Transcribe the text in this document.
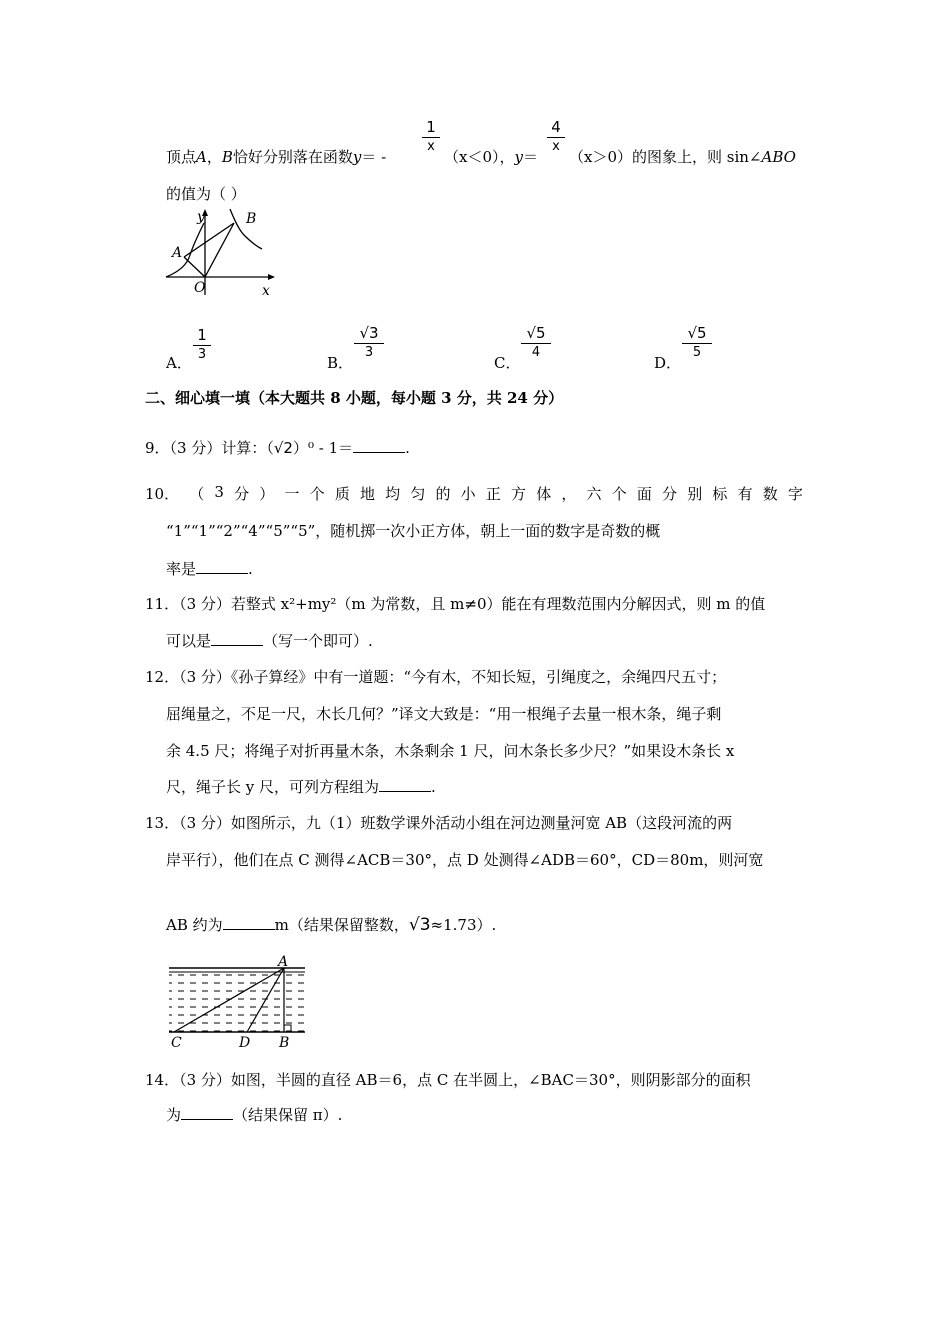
顶点A，B恰好分别落在函数y＝ -
1
x
（x＜0），y＝
4
x
（x＞0）的图象上，则 sin∠ABO
的值为（ ）
y	B
A
O	x
A．
1
3	B．
√3
3
C．
√5
4
D．
√5
5
二、细心填一填（本大题共 8 小题，每小题 3 分，共 24 分）
9．（3 分）计算：（√2）⁰ - 1＝	.
10． （ 3 分 ） 一 个 质 地 均 匀 的 小 正 方 体 ， 六 个 面 分 别 标 有 数 字
“1”“1”“2”“4”“5”“5”，随机掷一次小正方体，朝上一面的数字是奇数的概
率是	.
11．（3 分）若整式 x²+my²（m 为常数，且 m≠0）能在有理数范围内分解因式，则 m 的值
可以是	（写一个即可）.
12．（3 分）《孙子算经》中有一道题：“今有木，不知长短，引绳度之，余绳四尺五寸；
屈绳量之，不足一尺，木长几何？”译文大致是：“用一根绳子去量一根木条，绳子剩
余 4.5 尺；将绳子对折再量木条，木条剩余 1 尺，问木条长多少尺？”如果设木条长 x
尺，绳子长 y 尺，可列方程组为	.
13．（3 分）如图所示，九（1）班数学课外活动小组在河边测量河宽 AB（这段河流的两
岸平行），他们在点 C 测得∠ACB＝30°，点 D 处测得∠ADB＝60°，CD＝80m，则河宽
AB 约为	m（结果保留整数，√3≈1.73）.
A
C	D B
14．（3 分）如图，半圆的直径 AB＝6，点 C 在半圆上，∠BAC＝30°，则阴影部分的面积
为	（结果保留 π）.
